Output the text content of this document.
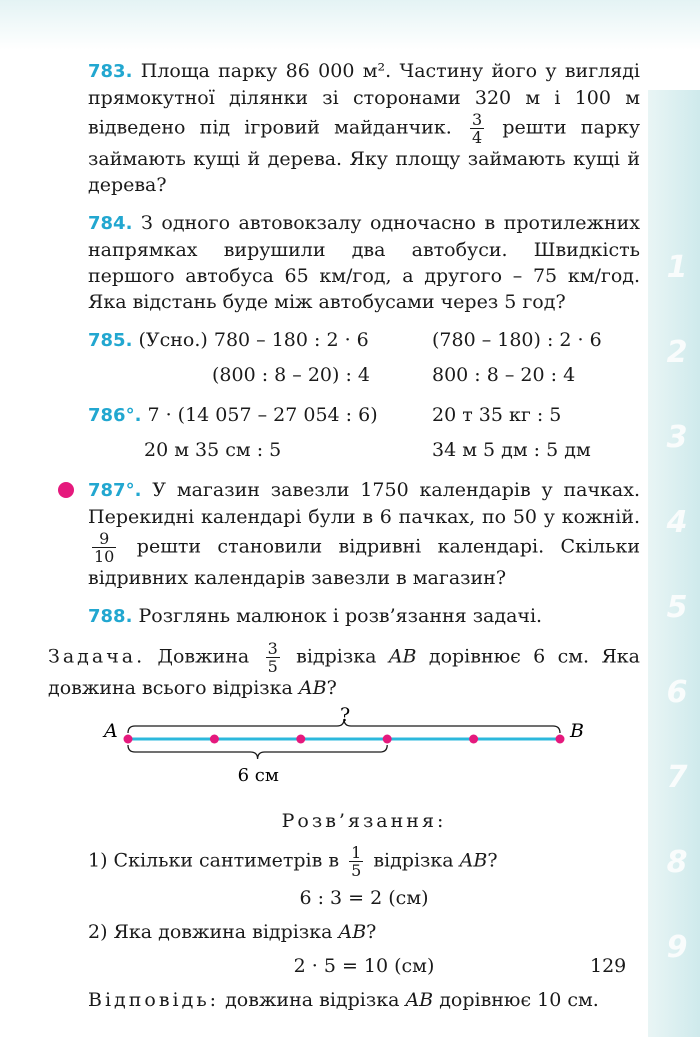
1
2
3
4
5
6
7
8
9

783. Площа парку 86 000 м². Частину його у вигляді прямокутної ділянки зі сторонами 320 м і 100 м відведено під ігровий майданчик. $\frac{3}{4}$ решти парку займають кущі й дерева. Яку площу займають кущі й дерева?

784. З одного автовокзалу одночасно в протилежних напрямках вирушили два автобуси. Швидкість першого автобуса 65 км/год, а другого – 75 км/год. Яка відстань буде між автобусами через 5 год?

785. (Усно.) 780 – 180 : 2 · 6	(780 – 180) : 2 · 6
(800 : 8 – 20) : 4	800 : 8 – 20 : 4
786°. 7 · (14 057 – 27 054 : 6)	20 т 35 кг : 5
20 м 35 см : 5	34 м 5 дм : 5 дм

787°. У магазин завезли 1750 календарів у пачках. Перекидні календарі були в 6 пачках, по 50 у кожній.
$\frac{9}{10}$ решти становили відривні календарі. Скільки відривних календарів завезли в магазин?

788. Розглянь малюнок і розв’язання задачі.

Задача. Довжина $\frac{3}{5}$ відрізка AB дорівнює 6 см. Яка довжина всього відрізка AB?

A	B
?
6 см

Розв’язання:

1) Скільки сантиметрів в $\frac{1}{5}$ відрізка AB?

6 : 3 = 2 (см)

2) Яка довжина відрізка AB?

2 · 5 = 10 (см)

Відповідь: довжина відрізка AB дорівнює 10 см.

129
